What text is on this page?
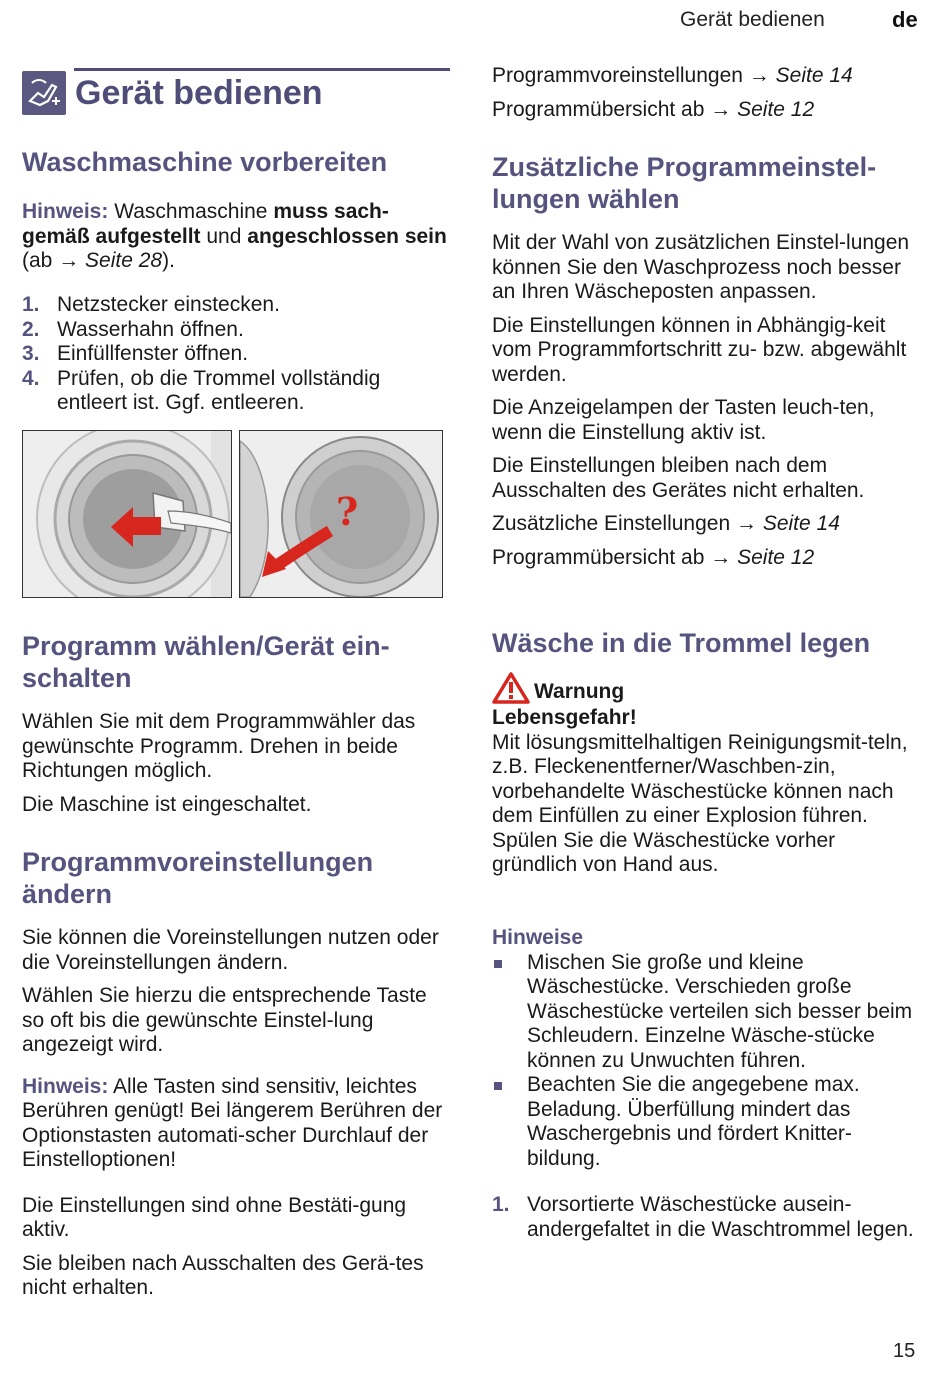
Gerät bedienen	de
Gerät bedienen
Waschmaschine vorbereiten

Hinweis: Waschmaschine muss sach-gemäß aufgestellt und angeschlossen sein (ab → Seite 28).

1. Netzstecker einstecken.
2. Wasserhahn öffnen.
3. Einfüllfenster öffnen.
4. Prüfen, ob die Trommel vollständig entleert ist. Ggf. entleeren.
?
Programm wählen/Gerät ein-schalten

Wählen Sie mit dem Programmwähler das gewünschte Programm. Drehen in beide Richtungen möglich.

Die Maschine ist eingeschaltet.

Programmvoreinstellungen ändern

Sie können die Voreinstellungen nutzen oder die Voreinstellungen ändern.

Wählen Sie hierzu die entsprechende Taste so oft bis die gewünschte Einstel-lung angezeigt wird.

Hinweis: Alle Tasten sind sensitiv, leichtes Berühren genügt! Bei längerem Berühren der Optionstasten automati-scher Durchlauf der Einstelloptionen!

Die Einstellungen sind ohne Bestäti-gung aktiv.

Sie bleiben nach Ausschalten des Gerä-tes nicht erhalten.

Programmvoreinstellungen → Seite 14

Programmübersicht ab → Seite 12

Zusätzliche Programmeinstel-lungen wählen

Mit der Wahl von zusätzlichen Einstel-lungen können Sie den Waschprozess noch besser an Ihren Wäscheposten anpassen.

Die Einstellungen können in Abhängig-keit vom Programmfortschritt zu- bzw. abgewählt werden.

Die Anzeigelampen der Tasten leuch-ten, wenn die Einstellung aktiv ist.

Die Einstellungen bleiben nach dem Ausschalten des Gerätes nicht erhalten.

Zusätzliche Einstellungen → Seite 14

Programmübersicht ab → Seite 12

Wäsche in die Trommel legen
Warnung

Lebensgefahr!

Mit lösungsmittelhaltigen Reinigungsmit-teln, z.B. Fleckenentferner/Waschben-zin, vorbehandelte Wäschestücke können nach dem Einfüllen zu einer Explosion führen.

Spülen Sie die Wäschestücke vorher gründlich von Hand aus.

Hinweise

Mischen Sie große und kleine Wäschestücke. Verschieden große Wäschestücke verteilen sich besser beim Schleudern. Einzelne Wäsche-stücke können zu Unwuchten führen.
Beachten Sie die angegebene max. Beladung. Überfüllung mindert das Waschergebnis und fördert Knitter-bildung.
1. Vorsortierte Wäschestücke ausein-andergefaltet in die Waschtrommel legen.
15
